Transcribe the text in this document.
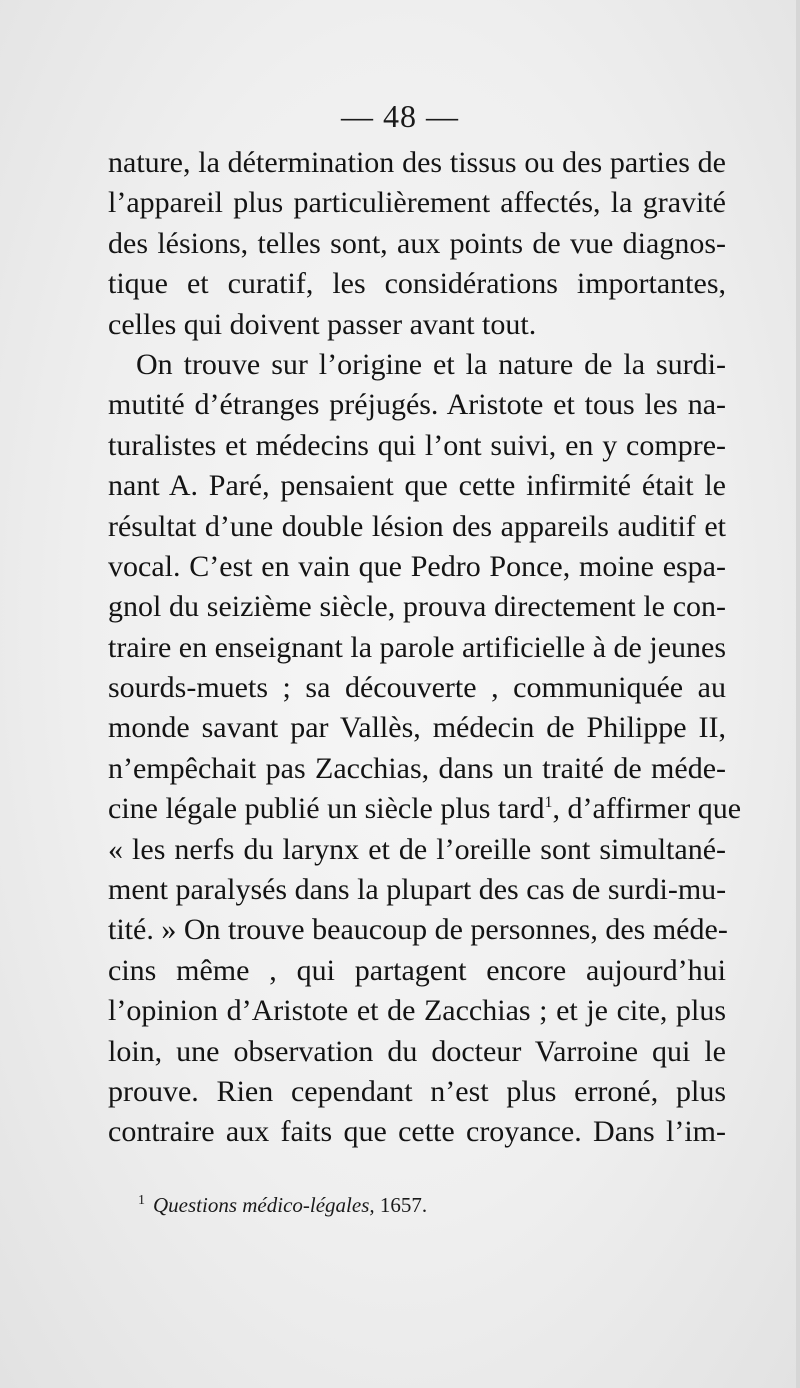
— 48 —
nature, la détermination des tissus ou des parties de
l’appareil plus particulièrement affectés, la gravité
des lésions, telles sont, aux points de vue diagnos-
tique et curatif, les considérations importantes,
celles qui doivent passer avant tout.
On trouve sur l’origine et la nature de la surdi-
mutité d’étranges préjugés. Aristote et tous les na-
turalistes et médecins qui l’ont suivi, en y compre-
nant A. Paré, pensaient que cette infirmité était le
résultat d’une double lésion des appareils auditif et
vocal. C’est en vain que Pedro Ponce, moine espa-
gnol du seizième siècle, prouva directement le con-
traire en enseignant la parole artificielle à de jeunes
sourds-muets ; sa découverte , communiquée au
monde savant par Vallès, médecin de Philippe II,
n’empêchait pas Zacchias, dans un traité de méde-
cine légale publié un siècle plus tard$^1$, d’affirmer que
« les nerfs du larynx et de l’oreille sont simultané-
ment paralysés dans la plupart des cas de surdi-mu-
tité. » On trouve beaucoup de personnes, des méde-
cins même , qui partagent encore aujourd’hui
l’opinion d’Aristote et de Zacchias ; et je cite, plus
loin, une observation du docteur Varroine qui le
prouve. Rien cependant n’est plus erroné, plus
contraire aux faits que cette croyance. Dans l’im-
$^1$ Questions médico-légales, 1657.
